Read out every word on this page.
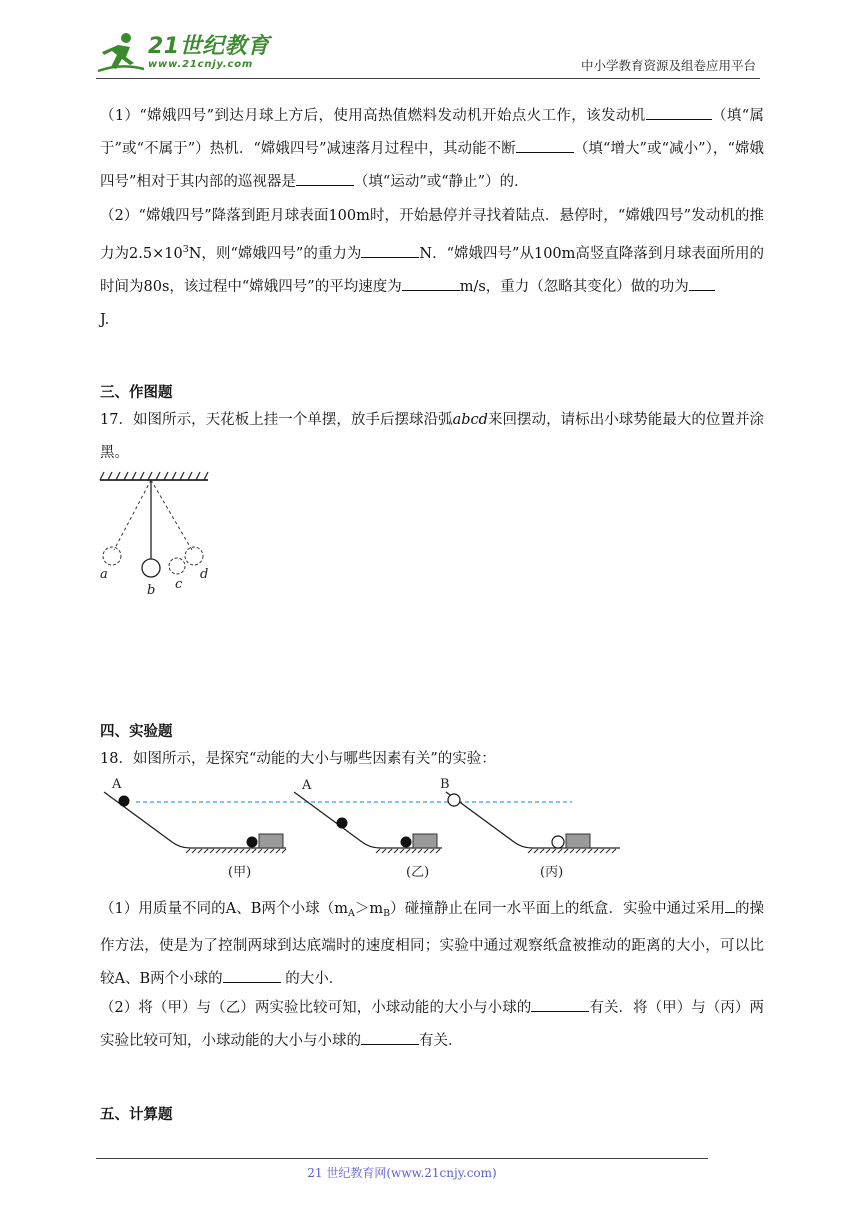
21世纪教育
www.21cnjy.com	中小学教育资源及组卷应用平台

（1）“嫦娥四号”到达月球上方后，使用高热值燃料发动机开始点火工作，该发动机	（填“属于”或“不属于”）热机．“嫦娥四号”减速落月过程中，其动能不断	（填“增大”或“减小”），“嫦娥四号”相对于其内部的巡视器是	（填“运动”或“静止”）的．

（2）“嫦娥四号”降落到距月球表面100m时，开始悬停并寻找着陆点．悬停时，“嫦娥四号”发动机的推力为$2.5\times 10^3N$，则“嫦娥四号”的重力为	N．“嫦娥四号”从100m高竖直降落到月球表面所用的时间为80s，该过程中“嫦娥四号”的平均速度为	m/s，重力（忽略其变化）做的功为
J.

三、作图题

17．如图所示，天花板上挂一个单摆，放手后摆球沿弧abcd来回摆动，请标出小球势能最大的位置并涂黑。

a
b c
d
四、实验题

18．如图所示，是探究“动能的大小与哪些因素有关”的实验：

A
(甲)
A
(乙)
B
(丙)

（1）用质量不同的A、B两个小球$(m_A>m_B)$碰撞静止在同一水平面上的纸盒．实验中通过采用 的操作方法，使是为了控制两球到达底端时的速度相同；实验中通过观察纸盒被推动的距离的大小，可以比较A、B两个小球的	的大小．

（2）将（甲）与（乙）两实验比较可知，小球动能的大小与小球的	有关．将（甲）与（丙）两实验比较可知，小球动能的大小与小球的	有关．

五、计算题
21 世纪教育网(www.21cnjy.com)
